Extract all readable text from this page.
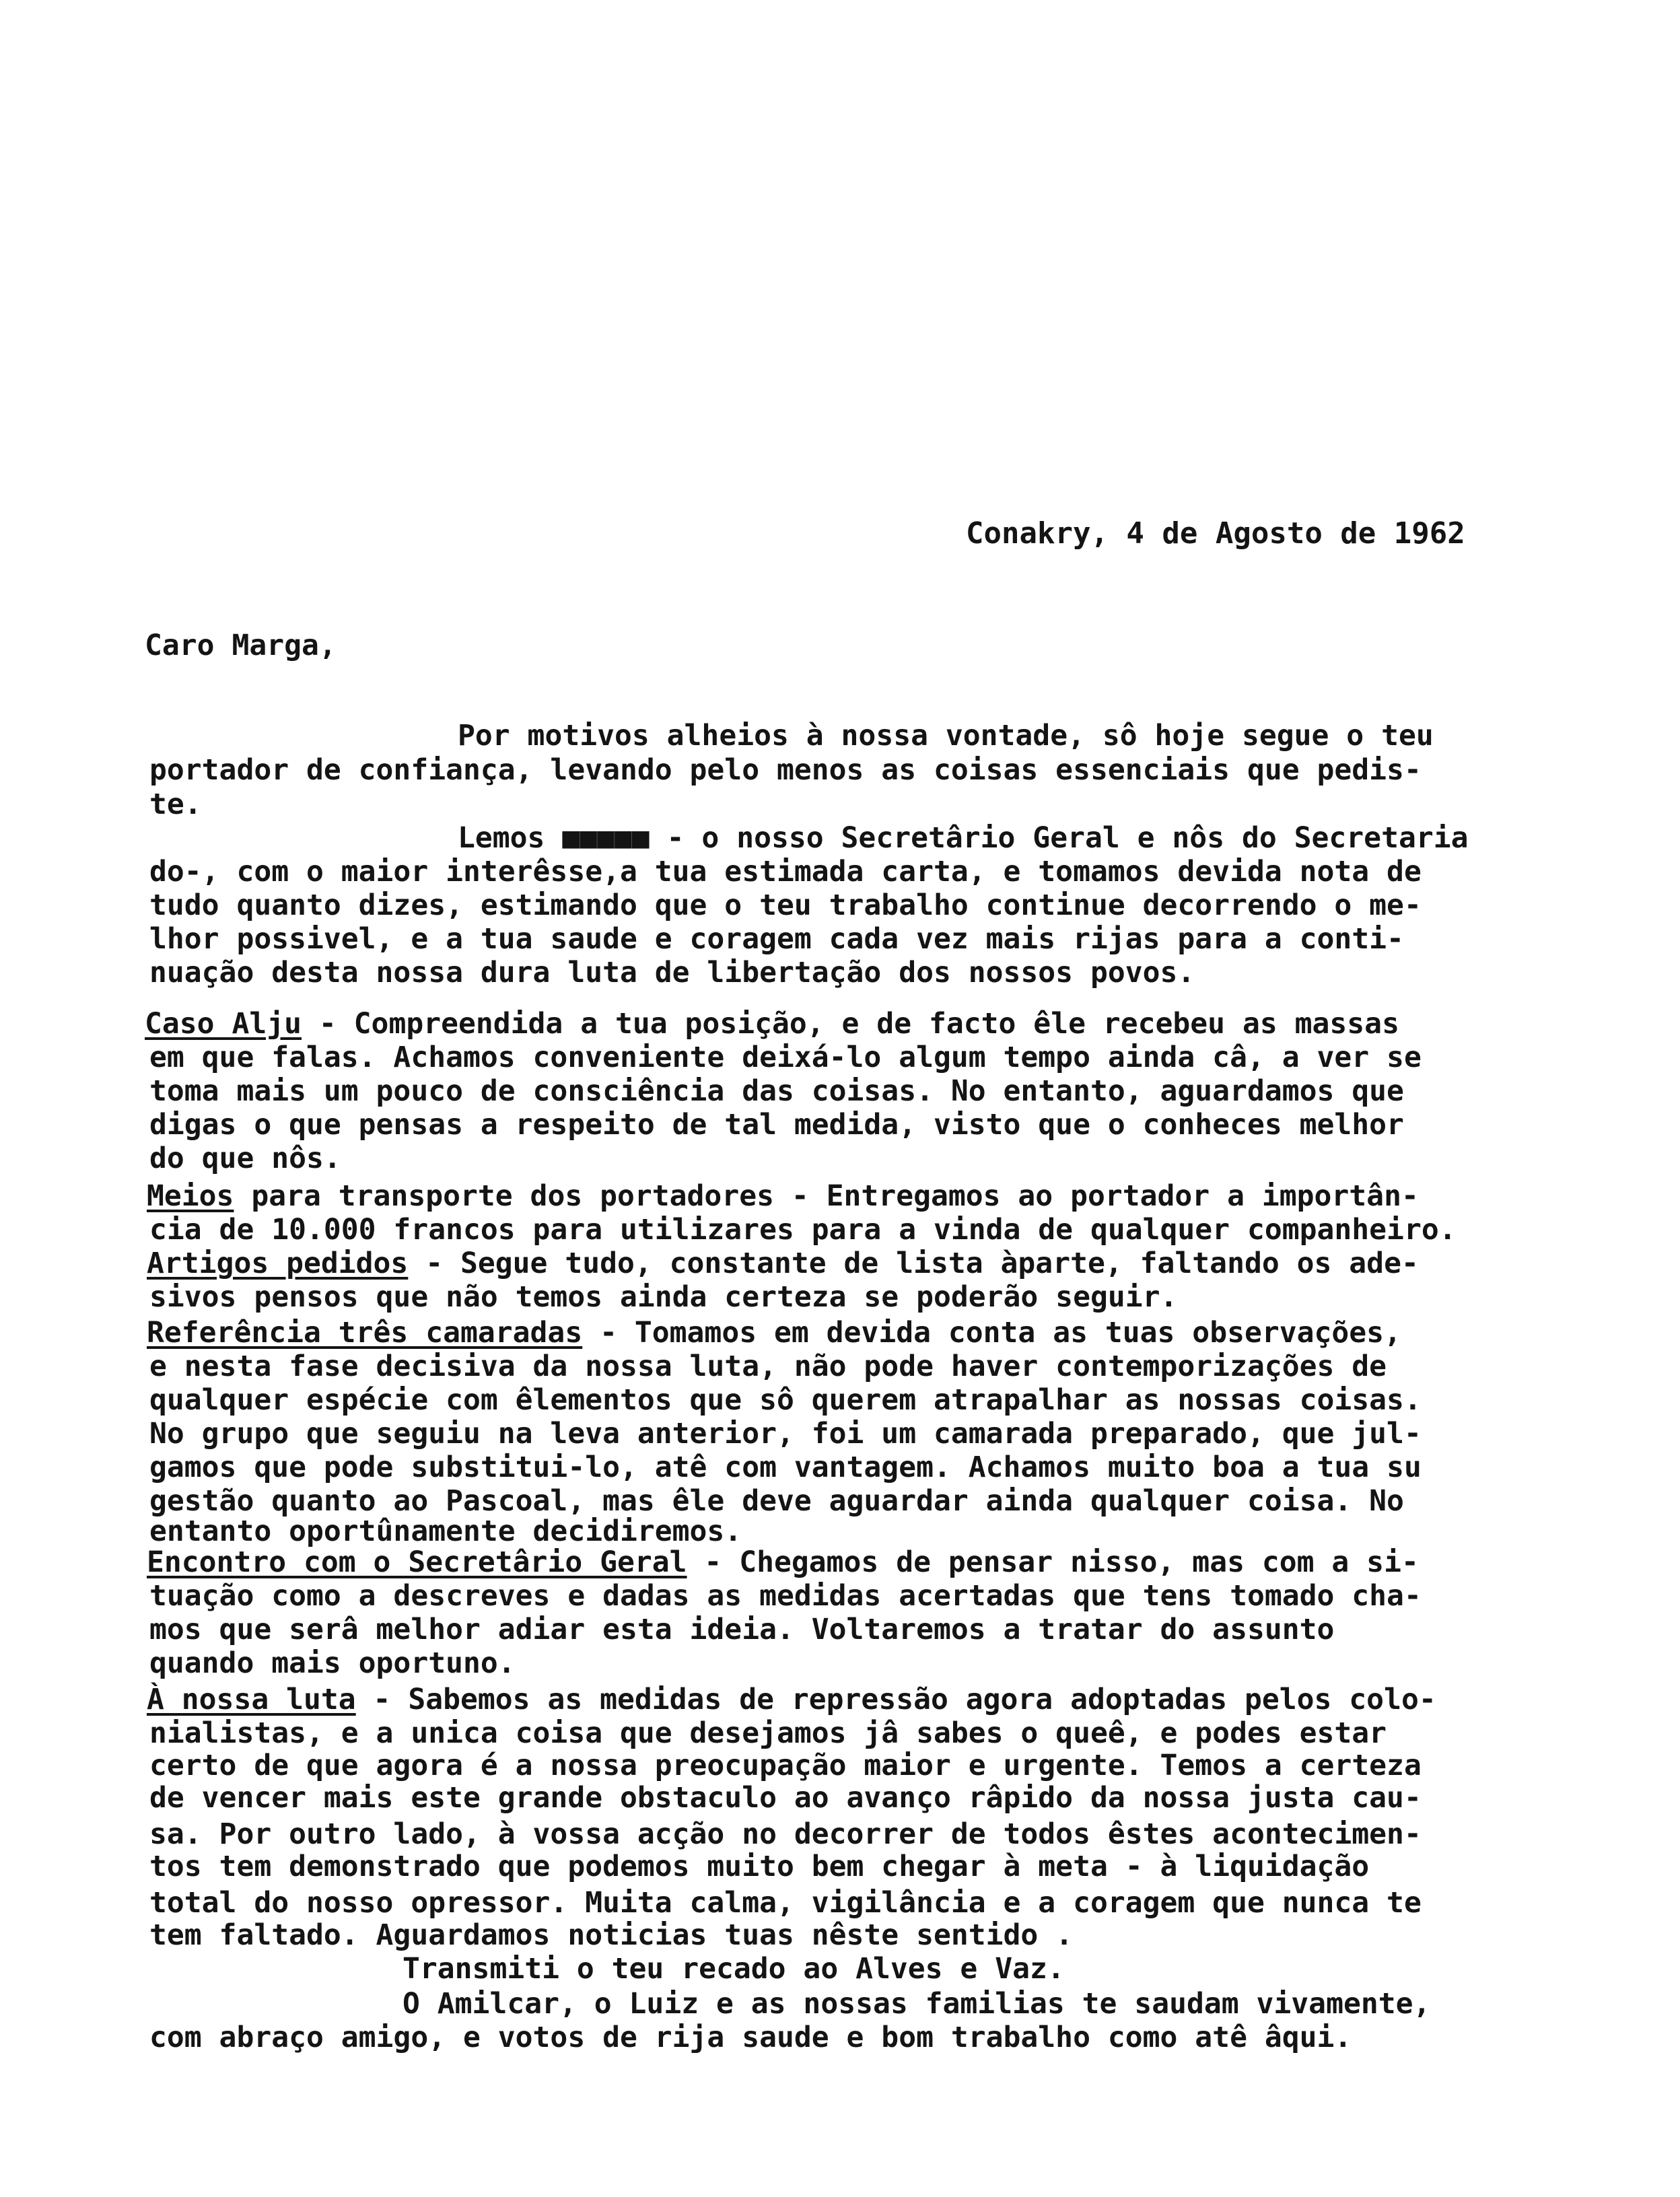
Conakry, 4 de Agosto de 1962
Caro Marga,
Por motivos alheios à nossa vontade, sô hoje segue o teu
portador de confiança, levando pelo menos as coisas essenciais que pedis-
te.
Lemos ■■■■■ - o nosso Secretârio Geral e nôs do Secretaria
do-, com o maior interêsse,a tua estimada carta, e tomamos devida nota de
tudo quanto dizes, estimando que o teu trabalho continue decorrendo o me-
lhor possivel, e a tua saude e coragem cada vez mais rijas para a conti-
nuação desta nossa dura luta de libertação dos nossos povos.
Caso Alju - Compreendida a tua posição, e de facto êle recebeu as massas
em que falas. Achamos conveniente deixá-lo algum tempo ainda câ, a ver se
toma mais um pouco de consciência das coisas. No entanto, aguardamos que
digas o que pensas a respeito de tal medida, visto que o conheces melhor
do que nôs.
Meios para transporte dos portadores - Entregamos ao portador a importân-
cia de 10.000 francos para utilizares para a vinda de qualquer companheiro.
Artigos pedidos - Segue tudo, constante de lista àparte, faltando os ade-
sivos pensos que não temos ainda certeza se poderão seguir.
Referência três camaradas - Tomamos em devida conta as tuas observações,
e nesta fase decisiva da nossa luta, não pode haver contemporizações de
qualquer espécie com êlementos que sô querem atrapalhar as nossas coisas.
No grupo que seguiu na leva anterior, foi um camarada preparado, que jul-
gamos que pode substitui-lo, atê com vantagem. Achamos muito boa a tua su
gestão quanto ao Pascoal, mas êle deve aguardar ainda qualquer coisa. No
entanto oportûnamente decidiremos.
Encontro com o Secretârio Geral - Chegamos de pensar nisso, mas com a si-
tuação como a descreves e dadas as medidas acertadas que tens tomado cha-
mos que serâ melhor adiar esta ideia. Voltaremos a tratar do assunto
quando mais oportuno.
À nossa luta - Sabemos as medidas de repressão agora adoptadas pelos colo-
nialistas, e a unica coisa que desejamos jâ sabes o queê, e podes estar
certo de que agora é a nossa preocupação maior e urgente. Temos a certeza
de vencer mais este grande obstaculo ao avanço râpido da nossa justa cau-
sa. Por outro lado, à vossa acção no decorrer de todos êstes acontecimen-
tos tem demonstrado que podemos muito bem chegar à meta - à liquidação
total do nosso opressor. Muita calma, vigilância e a coragem que nunca te
tem faltado. Aguardamos noticias tuas nêste sentido .
Transmiti o teu recado ao Alves e Vaz.
O Amilcar, o Luiz e as nossas familias te saudam vivamente,
com abraço amigo, e votos de rija saude e bom trabalho como atê âqui.
